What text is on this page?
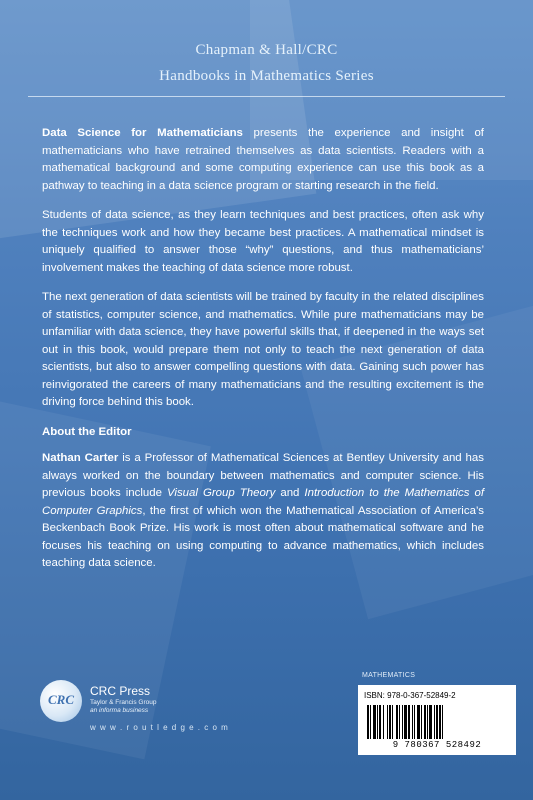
Chapman & Hall/CRC
Handbooks in Mathematics Series

Data Science for Mathematicians presents the experience and insight of mathematicians who have retrained themselves as data scientists. Readers with a mathematical background and some computing experience can use this book as a pathway to teaching in a data science program or starting research in the field.

Students of data science, as they learn techniques and best practices, often ask why the techniques work and how they became best practices. A mathematical mindset is uniquely qualified to answer those “why” questions, and thus mathematicians’ involvement makes the teaching of data science more robust.

The next generation of data scientists will be trained by faculty in the related disciplines of statistics, computer science, and mathematics. While pure mathematicians may be unfamiliar with data science, they have powerful skills that, if deepened in the ways set out in this book, would prepare them not only to teach the next generation of data scientists, but also to answer compelling questions with data. Gaining such power has reinvigorated the careers of many mathematicians and the resulting excitement is the driving force behind this book.

About the Editor

Nathan Carter is a Professor of Mathematical Sciences at Bentley University and has always worked on the boundary between mathematics and computer science. His previous books include Visual Group Theory and Introduction to the Mathematics of Computer Graphics, the first of which won the Mathematical Association of America’s Beckenbach Book Prize. His work is most often about mathematical software and he focuses his teaching on using computing to advance mathematics, which includes teaching data science.

CRC
CRC Press
Taylor & Francis Group
an informa business
w w w . r o u t l e d g e . c o m
MATHEMATICS
ISBN: 978-0-367-52849-2
9 780367 528492
